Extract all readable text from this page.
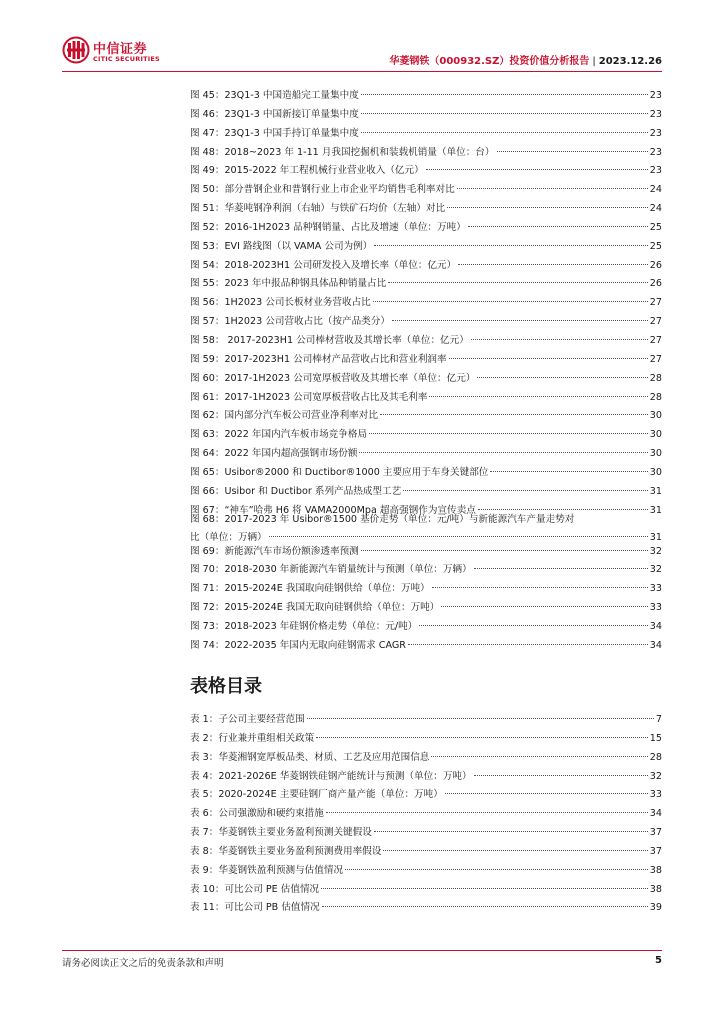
中信证券
CITIC SECURITIES	华菱钢铁（000932.SZ）投资价值分析报告 | 2023.12.26
图 45：23Q1-3 中国造船完工量集中度	23
图 46：23Q1-3 中国新接订单量集中度	23
图 47：23Q1-3 中国手持订单量集中度	23
图 48：2018~2023 年 1-11 月我国挖掘机和装载机销量（单位：台）	23
图 49：2015-2022 年工程机械行业营业收入（亿元）	23
图 50：部分普钢企业和普钢行业上市企业平均销售毛利率对比	24
图 51：华菱吨钢净利润（右轴）与铁矿石均价（左轴）对比	24
图 52：2016-1H2023 品种钢销量、占比及增速（单位：万吨）	25
图 53：EVI 路线图（以 VAMA 公司为例）	25
图 54：2018-2023H1 公司研发投入及增长率（单位：亿元）	26
图 55：2023 年中报品种钢具体品种销量占比	26
图 56：1H2023 公司长板材业务营收占比	27
图 57：1H2023 公司营收占比（按产品类分）	27
图 58： 2017-2023H1 公司棒材营收及其增长率（单位：亿元）	27
图 59：2017-2023H1 公司棒材产品营收占比和营业利润率	27
图 60：2017-1H2023 公司宽厚板营收及其增长率（单位：亿元）	28
图 61：2017-1H2023 公司宽厚板营收占比及其毛利率	28
图 62：国内部分汽车板公司营业净利率对比	30
图 63：2022 年国内汽车板市场竞争格局	30
图 64：2022 年国内超高强钢市场份额	30
图 65：Usibor®2000 和 Ductibor®1000 主要应用于车身关键部位	30
图 66：Usibor 和 Ductibor 系列产品热成型工艺	31
图 67：“神车”哈弗 H6 将 VAMA2000Mpa 超高强钢作为宣传卖点	31
图 68：2017-2023 年 Usibor®1500 基价走势（单位：元/吨）与新能源汽车产量走势对
比（单位：万辆）	31
图 69：新能源汽车市场份额渗透率预测	32
图 70：2018-2030 年新能源汽车销量统计与预测（单位：万辆）	32
图 71：2015-2024E 我国取向硅钢供给（单位：万吨）	33
图 72：2015-2024E 我国无取向硅钢供给（单位：万吨）	33
图 73：2018-2023 年硅钢价格走势（单位：元/吨）	34
图 74：2022-2035 年国内无取向硅钢需求 CAGR	34
表格目录
表 1：子公司主要经营范围	7
表 2：行业兼并重组相关政策	15
表 3：华菱湘钢宽厚板品类、材质、工艺及应用范围信息	28
表 4：2021-2026E 华菱钢铁硅钢产能统计与预测（单位：万吨）	32
表 5：2020-2024E 主要硅钢厂商产量产能（单位：万吨）	33
表 6：公司强激励和硬约束措施	34
表 7：华菱钢铁主要业务盈利预测关键假设	37
表 8：华菱钢铁主要业务盈利预测费用率假设	37
表 9：华菱钢铁盈利预测与估值情况	38
表 10：可比公司 PE 估值情况	38
表 11：可比公司 PB 估值情况	39
请务必阅读正文之后的免责条款和声明	5
